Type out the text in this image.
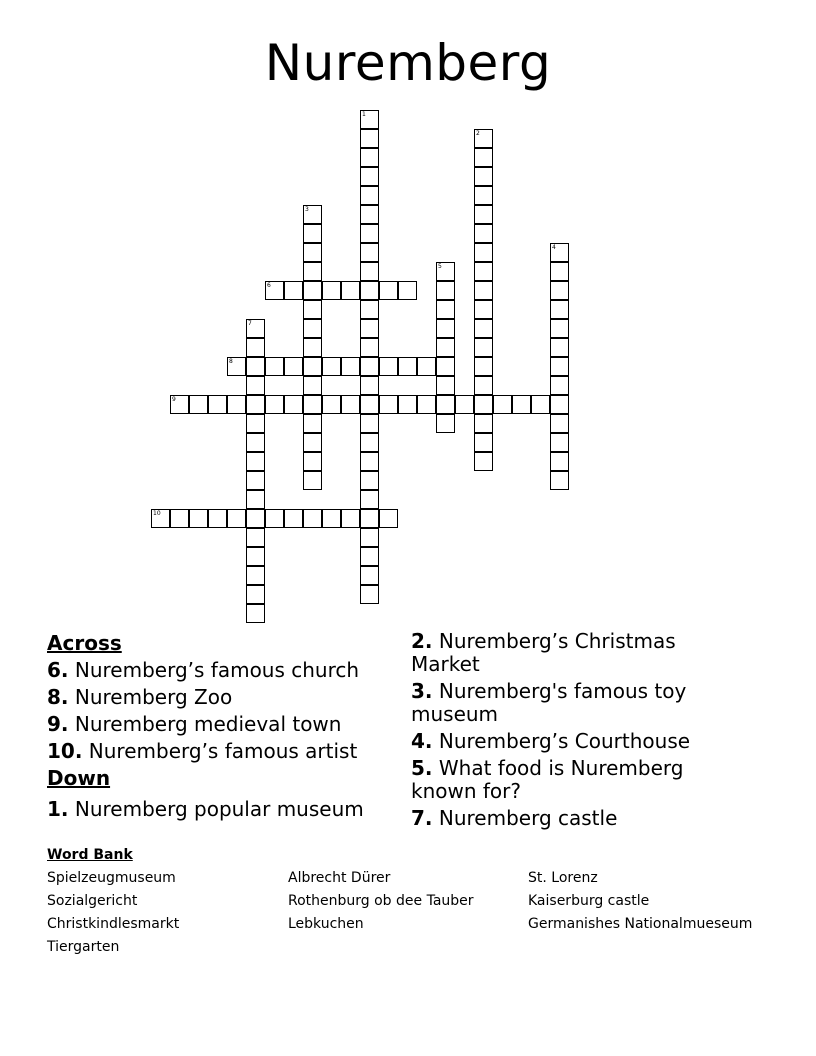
Nuremberg
1
2
3
4
5
6
7
8
9
10
Across
6. Nuremberg’s famous church
8. Nuremberg Zoo
9. Nuremberg medieval town
10. Nuremberg’s famous artist
Down
1. Nuremberg popular museum
2. Nuremberg’s Christmas Market
3. Nuremberg's famous toy museum
4. Nuremberg’s Courthouse
5. What food is Nuremberg known for?
7. Nuremberg castle
Word Bank
Spielzeugmuseum
Sozialgericht
Christkindlesmarkt
Tiergarten
Albrecht Dürer
Rothenburg ob dee Tauber
Lebkuchen
St. Lorenz
Kaiserburg castle
Germanishes Nationalmueseum
